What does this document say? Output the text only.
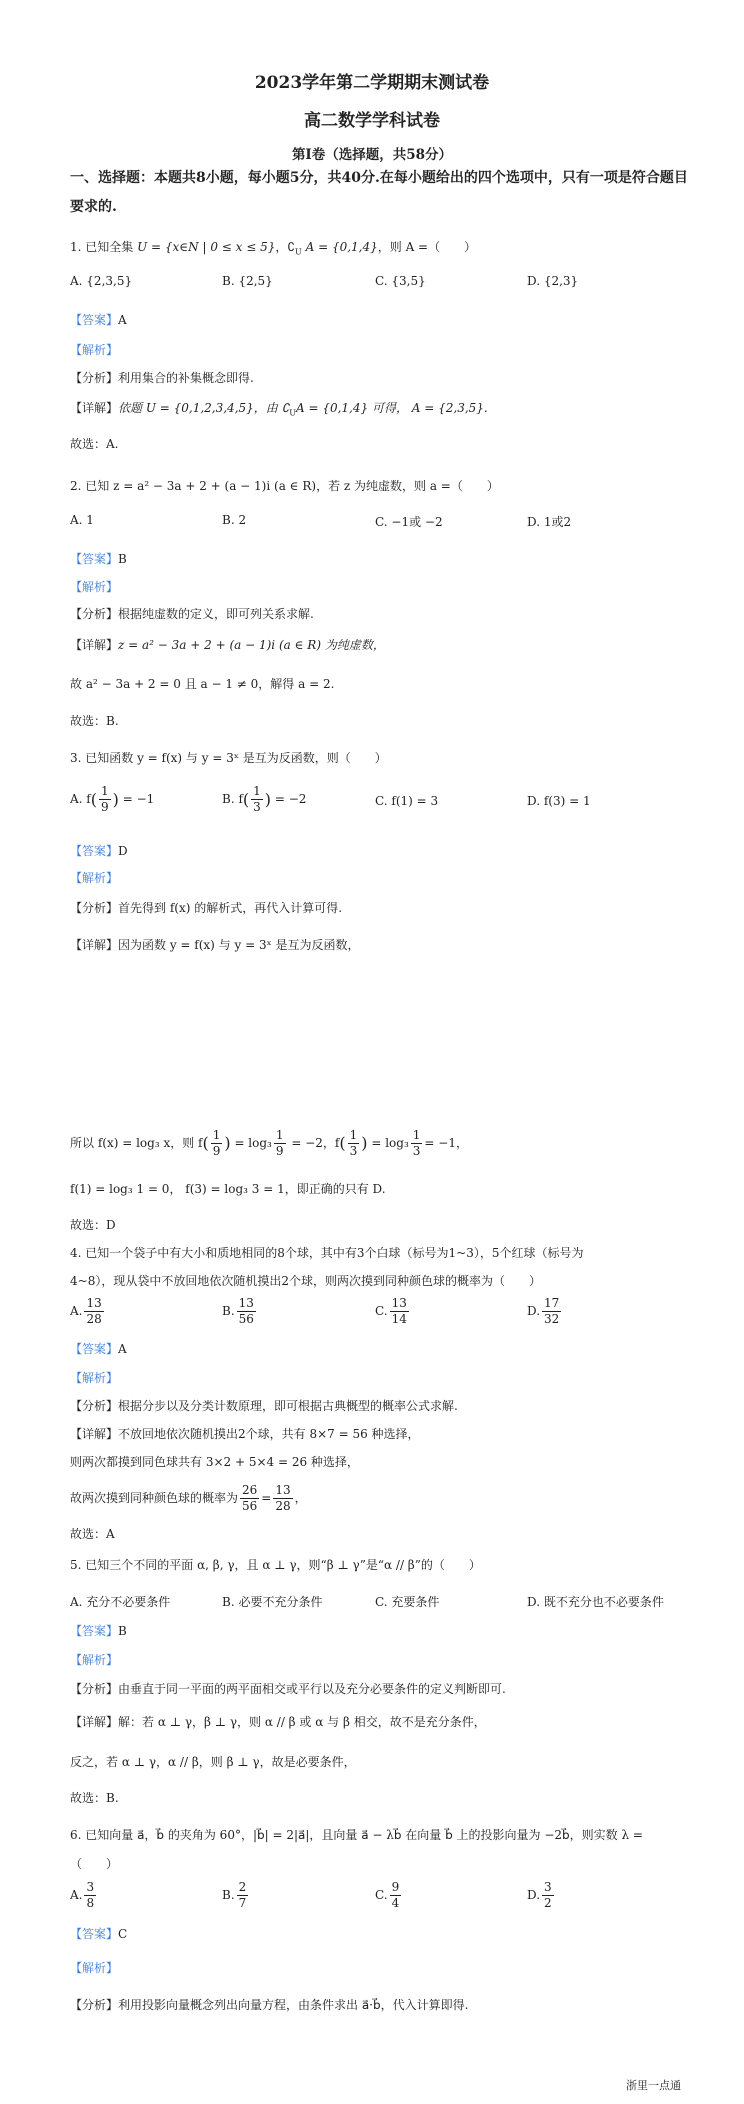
2023学年第二学期期末测试卷
高二数学学科试卷
第I卷（选择题，共58分）
一、选择题：本题共8小题，每小题5分，共40分.在每小题给出的四个选项中，只有一项是符合题目要求的.
1. 已知全集 U = {x∈N | 0 ≤ x ≤ 5}，$∁_U$ A = {0,1,4}，则 A =（　　）
A. {2,3,5}	B. {2,5}	C. {3,5}	D. {2,3}
【答案】A
【解析】
【分析】利用集合的补集概念即得.
【详解】依题 U = {0,1,2,3,4,5}，由 $∁_UA = \{0,1,4\}$ 可得， A = {2,3,5}.
故选：A.
2. 已知 z = a² − 3a + 2 + (a − 1)i (a ∈ R)，若 z 为纯虚数，则 a =（　　）
A. 1	B. 2	C. −1或 −2	D. 1或2
【答案】B
【解析】
【分析】根据纯虚数的定义，即可列关系求解.
【详解】z = a² − 3a + 2 + (a − 1)i (a ∈ R) 为纯虚数，
故 a² − 3a + 2 = 0 且 a − 1 ≠ 0，解得 a = 2.
故选：B.
3. 已知函数 y = f(x) 与 y = 3ˣ 是互为反函数，则（　　）
A. $f( \frac{1}{9}$ ) = −1	B. $f( \frac{1}{3}$ ) = −2	C. f(1) = 3	D. f(3) = 1
【答案】D
【解析】
【分析】首先得到 f(x) 的解析式，再代入计算可得.
【详解】因为函数 y = f(x) 与 y = 3ˣ 是互为反函数，
所以 f(x) = log₃ x，则 $f( \frac{1}{9}$ ) = $\log_3 \frac{1}{9} = -2$，$f( \frac{1}{3}$ ) = $\log_3 \frac{1}{3} = -1$，
f(1) = log₃ 1 = 0， f(3) = log₃ 3 = 1，即正确的只有 D.
故选：D
4. 已知一个袋子中有大小和质地相同的8个球，其中有3个白球（标号为1~3），5个红球（标号为
4~8），现从袋中不放回地依次随机摸出2个球，则两次摸到同种颜色球的概率为（　　）
A. $\frac{13}{28}$	B. $\frac{13}{56}$	C. $\frac{13}{14}$	D. $\frac{17}{32}$
【答案】A
【解析】
【分析】根据分步以及分类计数原理，即可根据古典概型的概率公式求解.
【详解】不放回地依次随机摸出2个球，共有 8×7 = 56 种选择，
则两次都摸到同色球共有 3×2 + 5×4 = 26 种选择，
故两次摸到同种颜色球的概率为 $\frac{26}{56} = \frac{13}{28}$ ，
故选：A
5. 已知三个不同的平面 α, β, γ，且 α ⊥ γ，则“β ⊥ γ”是“α // β”的（　　）
A. 充分不必要条件	B. 必要不充分条件	C. 充要条件	D. 既不充分也不必要条件
【答案】B
【解析】
【分析】由垂直于同一平面的两平面相交或平行以及充分必要条件的定义判断即可.
【详解】解：若 α ⊥ γ，β ⊥ γ，则 α // β 或 α 与 β 相交，故不是充分条件，
反之，若 α ⊥ γ，α // β，则 β ⊥ γ，故是必要条件，
故选：B.
6. 已知向量 a⃗，b⃗ 的夹角为 60°，|b⃗| = 2|a⃗|，且向量 a⃗ − λb⃗ 在向量 b⃗ 上的投影向量为 −2b⃗，则实数 λ =
（　　）
A. $\frac{3}{8}$	B. $\frac{2}{7}$	C. $\frac{9}{4}$	D. $\frac{3}{2}$
【答案】C
【解析】
【分析】利用投影向量概念列出向量方程，由条件求出 a⃗·b⃗，代入计算即得.
浙里一点通
